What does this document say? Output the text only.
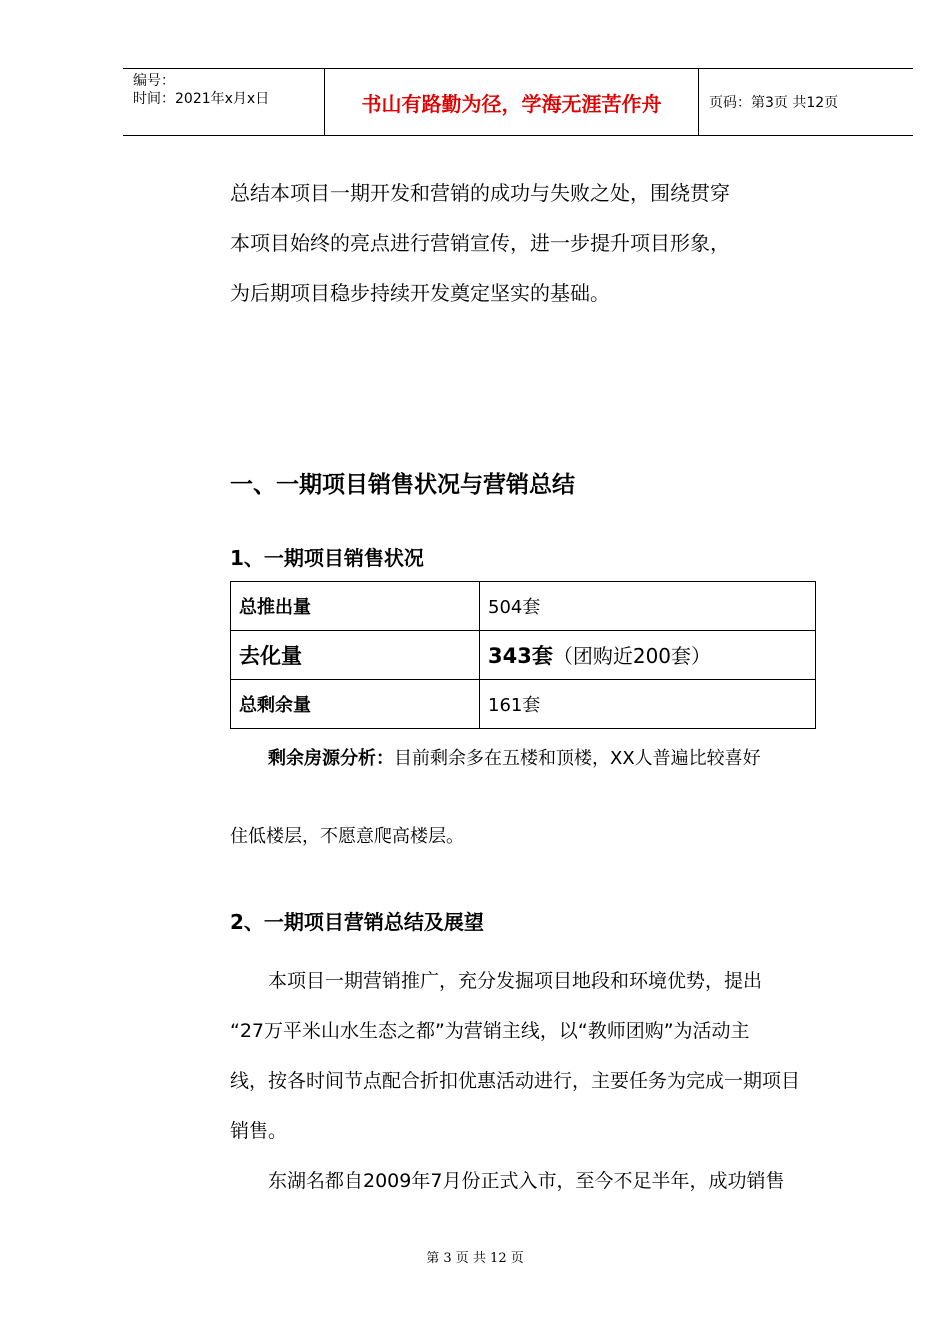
编号：
时间：2021年x月x日	书山有路勤为径，学海无涯苦作舟	页码：第3页 共12页

总结本项目一期开发和营销的成功与失败之处，围绕贯穿
本项目始终的亮点进行营销宣传，进一步提升项目形象，
为后期项目稳步持续开发奠定坚实的基础。

一、一期项目销售状况与营销总结
1、一期项目销售状况
总推出量	504套
去化量	343套（团购近200套）
总剩余量	161套

剩余房源分析：目前剩余多在五楼和顶楼，XX人普遍比较喜好

住低楼层，不愿意爬高楼层。

2、一期项目营销总结及展望

本项目一期营销推广，充分发掘项目地段和环境优势，提出
“27万平米山水生态之都”为营销主线，以“教师团购”为活动主
线，按各时间节点配合折扣优惠活动进行，主要任务为完成一期项目
销售。
东湖名都自2009年7月份正式入市，至今不足半年，成功销售

第 3 页 共 12 页
